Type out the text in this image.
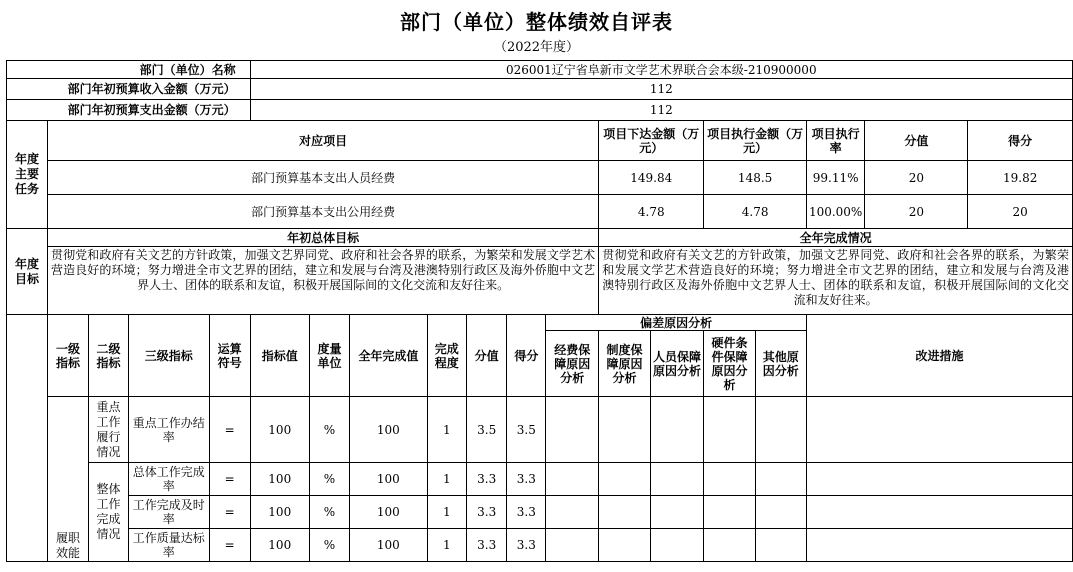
部门（单位）整体绩效自评表
（2022年度）
部门（单位）名称					026001辽宁省阜新市文学艺术界联合会本级-210900000													
部门年初预算收入金额（万元）					112													
部门年初预算支出金额（万元）					112													
年度主要任务	对应项目											项目下达金额（万元）		项目执行金额（万元）		项目执行率	分值	得分
	部门预算基本支出人员经费											149.84		148.5		99.11%	20	19.82
	部门预算基本支出公用经费											4.78		4.78		100.00%	20	20
年度目标	年初总体目标											全年完成情况						
	贯彻党和政府有关文艺的方针政策，加强文艺界同党、政府和社会各界的联系，为繁荣和发展文学艺术营造良好的环境；努力增进全市文艺界的团结，建立和发展与台湾及港澳特别行政区及海外侨胞中文艺界人士、团体的联系和友谊，积极开展国际间的文化交流和友好往来。											贯彻党和政府有关文艺的方针政策，加强文艺界同党、政府和社会各界的联系，为繁荣和发展文学艺术营造良好的环境；努力增进全市文艺界的团结，建立和发展与台湾及港澳特别行政区及海外侨胞中文艺界人士、团体的联系和友谊，积极开展国际间的文化交流和友好往来。						
	一级指标	二级指标	三级指标	运算符号	指标值	度量单位	全年完成值	完成程度	分值	得分	偏差原因分析					改进措施		
											经费保障原因分析	制度保障原因分析	人员保障原因分析	硬件条件保障原因分析	其他原因分析			
	履职效能	重点工作履行情况	重点工作办结率	=	100	%	100	1	3.5	3.5								
		整体工作完成情况	总体工作完成率	=	100	%	100	1	3.3	3.3								
			工作完成及时率	=	100	%	100	1	3.3	3.3								
			工作质量达标率	=	100	%	100	1	3.3	3.3								
